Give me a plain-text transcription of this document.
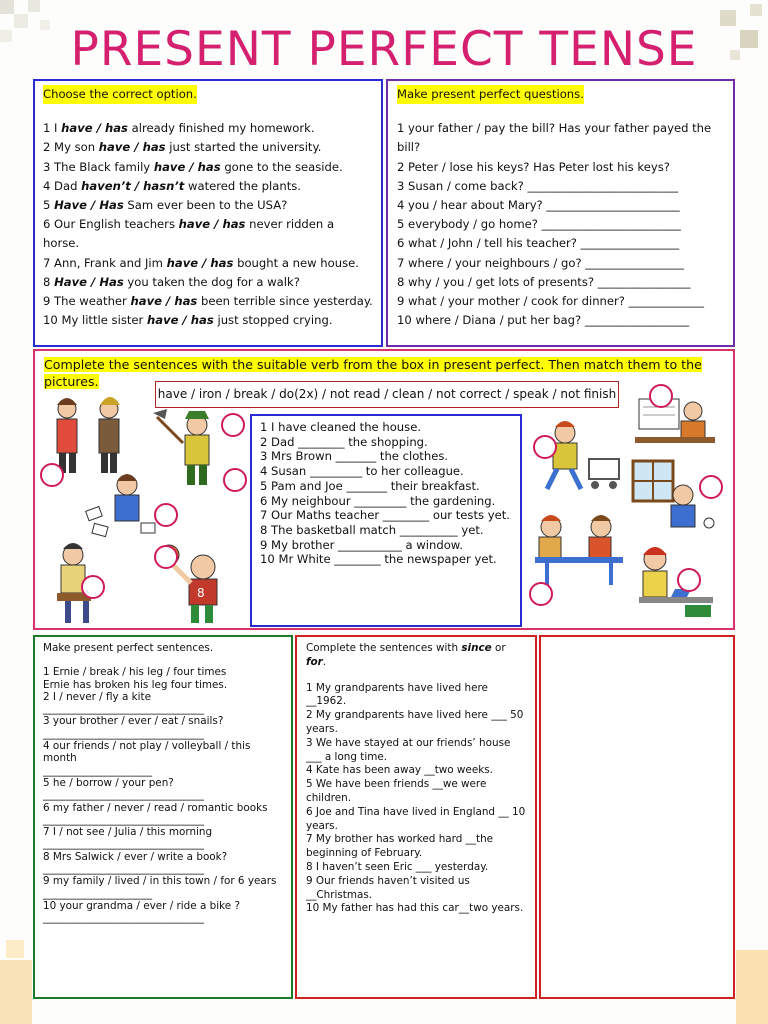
PRESENT PERFECT TENSE
Choose the correct option.
1 I have / has already finished my homework.
2 My son have / has just started the university.
3 The Black family have / has gone to the seaside.
4 Dad haven’t / hasn’t watered the plants.
5 Have / Has Sam ever been to the USA?
6 Our English teachers have / has never ridden a horse.
7 Ann, Frank and Jim have / has bought a new house.
8 Have / Has you taken the dog for a walk?
9 The weather have / has been terrible since yesterday.
10 My little sister have / has just stopped crying.
Make present perfect questions.
1 your father / pay the bill? Has your father payed the bill?
2 Peter / lose his keys? Has Peter lost his keys?
3 Susan / come back? __________________________
4 you / hear about Mary? _______________________
5 everybody / go home? ________________________
6 what / John / tell his teacher? _________________
7 where / your neighbours / go? _________________
8 why / you / get lots of presents? ________________
9 what / your mother / cook for dinner? _____________
10 where / Diana / put her bag? __________________
Complete the sentences with the suitable verb from the box in present perfect. Then match them to the pictures.
have / iron / break / do(2x) / not read / clean / not correct / speak / not finish
1 I have cleaned the house.
2 Dad ________ the shopping.
3 Mrs Brown _______ the clothes.
4 Susan _________ to her colleague.
5 Pam and Joe _______ their breakfast.
6 My neighbour _________ the gardening.
7 Our Maths teacher ________ our tests yet.
8 The basketball match __________ yet.
9 My brother ___________ a window.
10 Mr White ________ the newspaper yet.
8
Make present perfect sentences.
1 Ernie / break / his leg / four times
Ernie has broken his leg four times.
2 I / never / fly a kite
_______________________________
3 your brother / ever / eat / snails?
_______________________________
4 our friends / not play / volleyball / this month
_____________________
5 he / borrow / your pen?
_______________________________
6 my father / never / read / romantic books
_______________________________
7 I / not see / Julia / this morning
_______________________________
8 Mrs Salwick / ever / write a book?
_______________________________
9 my family / lived / in this town / for 6 years
_____________________
10 your grandma / ever / ride a bike ?
_______________________________
Complete the sentences with since or for.
1 My grandparents have lived here __1962.
2 My grandparents have lived here ___ 50 years.
3 We have stayed at our friends’ house ___ a long time.
4 Kate has been away __two weeks.
5 We have been friends __we were children.
6 Joe and Tina have lived in England __ 10 years.
7 My brother has worked hard __the beginning of February.
8 I haven’t seen Eric ___ yesterday.
9 Our friends haven’t visited us __Christmas.
10 My father has had this car__two years.
